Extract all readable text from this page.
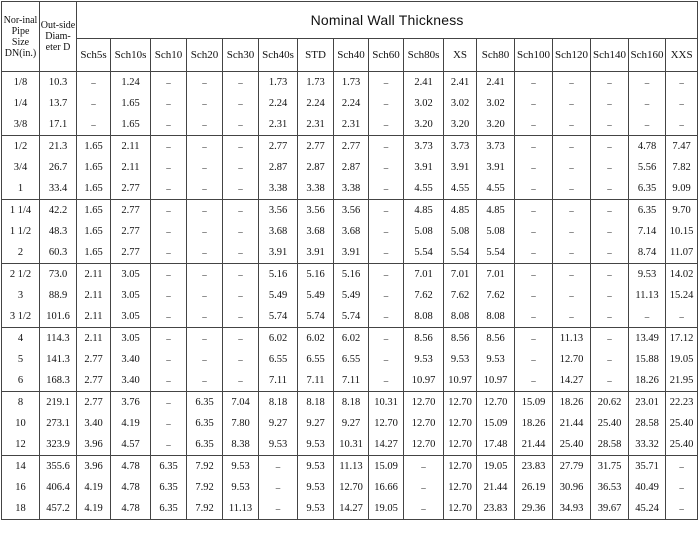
Nor-inal Pipe Size DN(in.)	Out-side Diam-eter D	Nominal Wall Thickness																
		Sch5s	Sch10s	Sch10	Sch20	Sch30	Sch40s	STD	Sch40	Sch60	Sch80s	XS	Sch80	Sch100	Sch120	Sch140	Sch160	XXS
1/8	10.3	–	1.24	–	–	–	1.73	1.73	1.73	–	2.41	2.41	2.41	–	–	–	–	–
1/4	13.7	–	1.65	–	–	–	2.24	2.24	2.24	–	3.02	3.02	3.02	–	–	–	–	–
3/8	17.1	–	1.65	–	–	–	2.31	2.31	2.31	–	3.20	3.20	3.20	–	–	–	–	–
1/2	21.3	1.65	2.11	–	–	–	2.77	2.77	2.77	–	3.73	3.73	3.73	–	–	–	4.78	7.47
3/4	26.7	1.65	2.11	–	–	–	2.87	2.87	2.87	–	3.91	3.91	3.91	–	–	–	5.56	7.82
1	33.4	1.65	2.77	–	–	–	3.38	3.38	3.38	–	4.55	4.55	4.55	–	–	–	6.35	9.09
1 1/4	42.2	1.65	2.77	–	–	–	3.56	3.56	3.56	–	4.85	4.85	4.85	–	–	–	6.35	9.70
1 1/2	48.3	1.65	2.77	–	–	–	3.68	3.68	3.68	–	5.08	5.08	5.08	–	–	–	7.14	10.15
2	60.3	1.65	2.77	–	–	–	3.91	3.91	3.91	–	5.54	5.54	5.54	–	–	–	8.74	11.07
2 1/2	73.0	2.11	3.05	–	–	–	5.16	5.16	5.16	–	7.01	7.01	7.01	–	–	–	9.53	14.02
3	88.9	2.11	3.05	–	–	–	5.49	5.49	5.49	–	7.62	7.62	7.62	–	–	–	11.13	15.24
3 1/2	101.6	2.11	3.05	–	–	–	5.74	5.74	5.74	–	8.08	8.08	8.08	–	–	–	–	–
4	114.3	2.11	3.05	–	–	–	6.02	6.02	6.02	–	8.56	8.56	8.56	–	11.13	–	13.49	17.12
5	141.3	2.77	3.40	–	–	–	6.55	6.55	6.55	–	9.53	9.53	9.53	–	12.70	–	15.88	19.05
6	168.3	2.77	3.40	–	–	–	7.11	7.11	7.11	–	10.97	10.97	10.97	–	14.27	–	18.26	21.95
8	219.1	2.77	3.76	–	6.35	7.04	8.18	8.18	8.18	10.31	12.70	12.70	12.70	15.09	18.26	20.62	23.01	22.23
10	273.1	3.40	4.19	–	6.35	7.80	9.27	9.27	9.27	12.70	12.70	12.70	15.09	18.26	21.44	25.40	28.58	25.40
12	323.9	3.96	4.57	–	6.35	8.38	9.53	9.53	10.31	14.27	12.70	12.70	17.48	21.44	25.40	28.58	33.32	25.40
14	355.6	3.96	4.78	6.35	7.92	9.53	–	9.53	11.13	15.09	–	12.70	19.05	23.83	27.79	31.75	35.71	–
16	406.4	4.19	4.78	6.35	7.92	9.53	–	9.53	12.70	16.66	–	12.70	21.44	26.19	30.96	36.53	40.49	–
18	457.2	4.19	4.78	6.35	7.92	11.13	–	9.53	14.27	19.05	–	12.70	23.83	29.36	34.93	39.67	45.24	–
